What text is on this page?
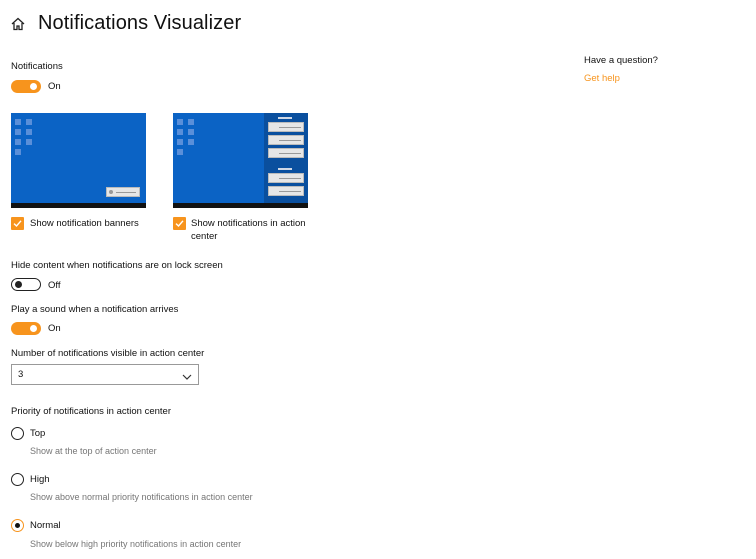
Notifications Visualizer
Notifications
On
Show notification banners	Show notifications in action center
Hide content when notifications are on lock screen
Off
Play a sound when a notification arrives
On
Number of notifications visible in action center
3
Priority of notifications in action center
Top
Show at the top of action center
High
Show above normal priority notifications in action center
Normal
Show below high priority notifications in action center
Have a question?
Get help
